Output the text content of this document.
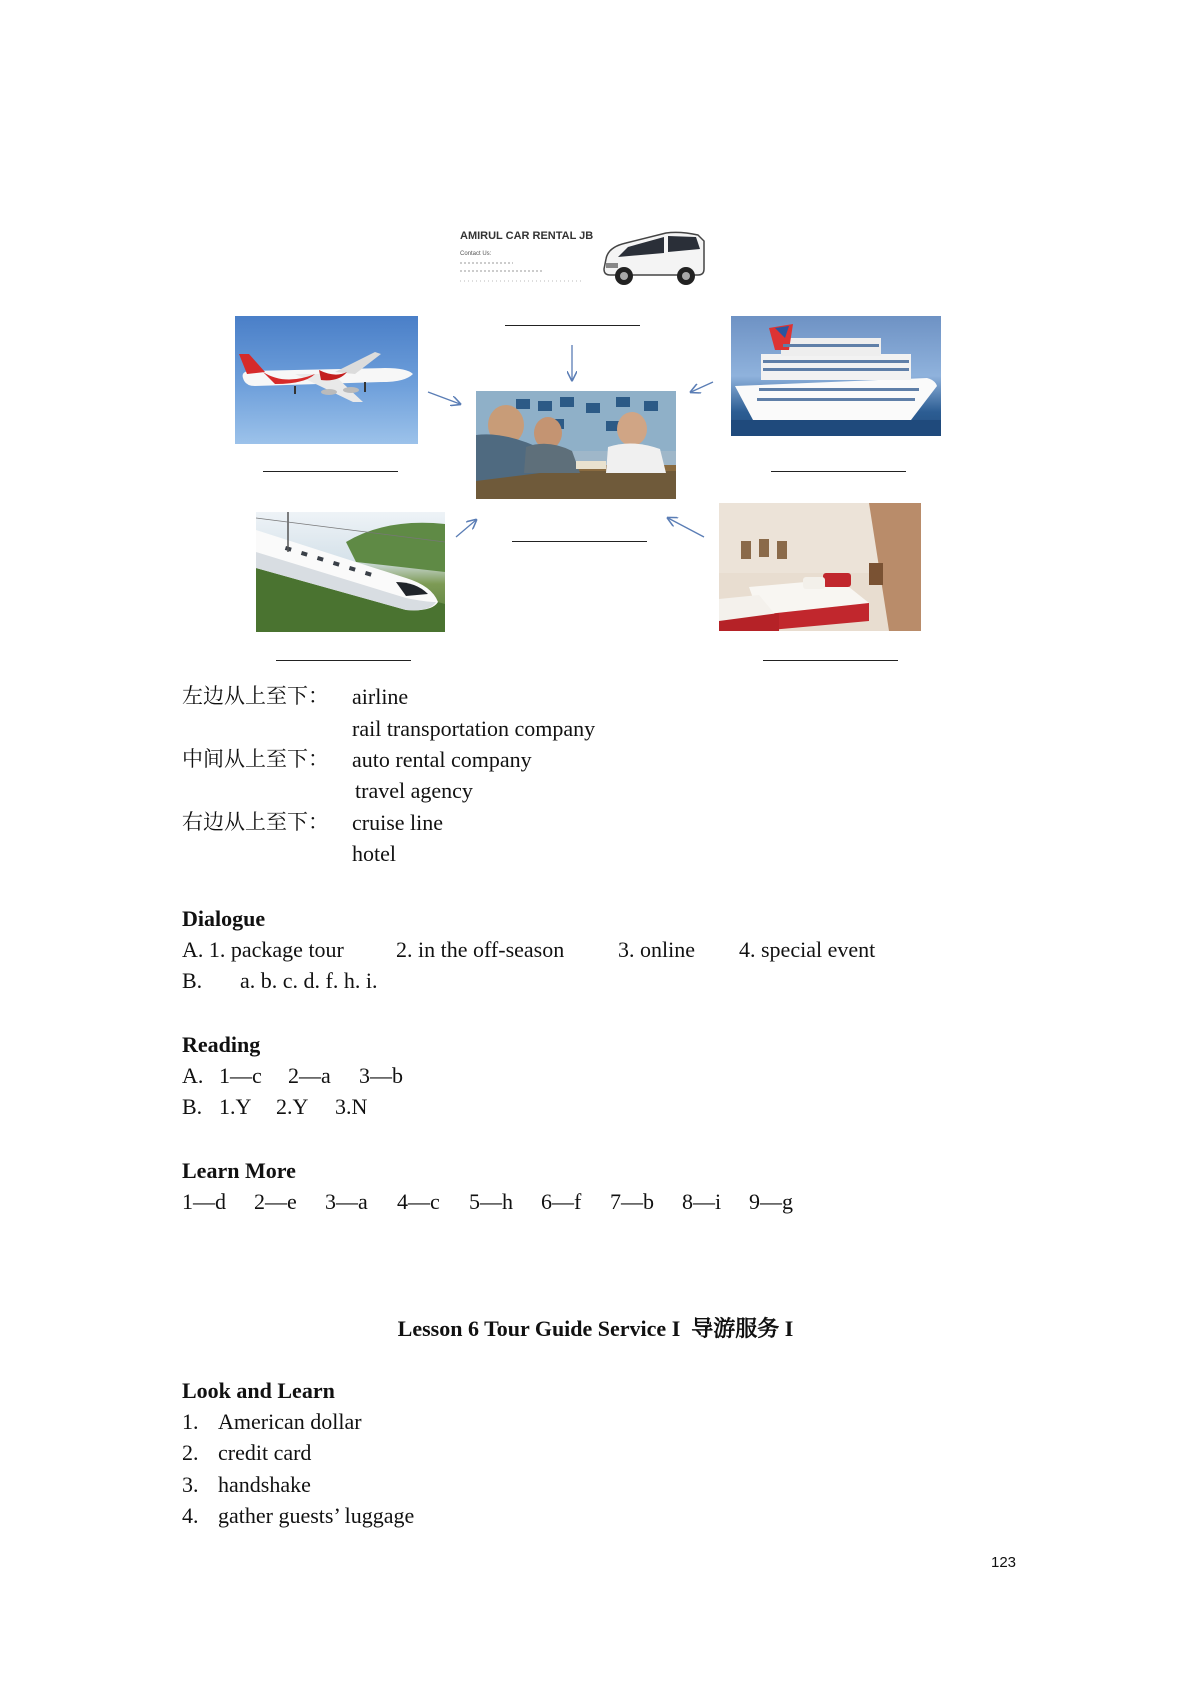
AMIRUL CAR RENTAL JB
Contact Us:
左边从上至下： airline
rail transportation company
中间从上至下： auto rental company
travel agency
右边从上至下： cruise line
hotel
Dialogue
A. 1. package tour 2. in the off-season 3. online 4. special event
B. a. b. c. d. f. h. i.
Reading
A. 1—c 2—a 3—b
B. 1.Y 2.Y 3.N
Learn More
1—d 2—e 3—a 4—c 5—h 6—f 7—b 8—i 9—g
Lesson 6 Tour Guide Service I  导游服务 I
Look and Learn
1. American dollar
2. credit card
3. handshake
4. gather guests’ luggage
123
